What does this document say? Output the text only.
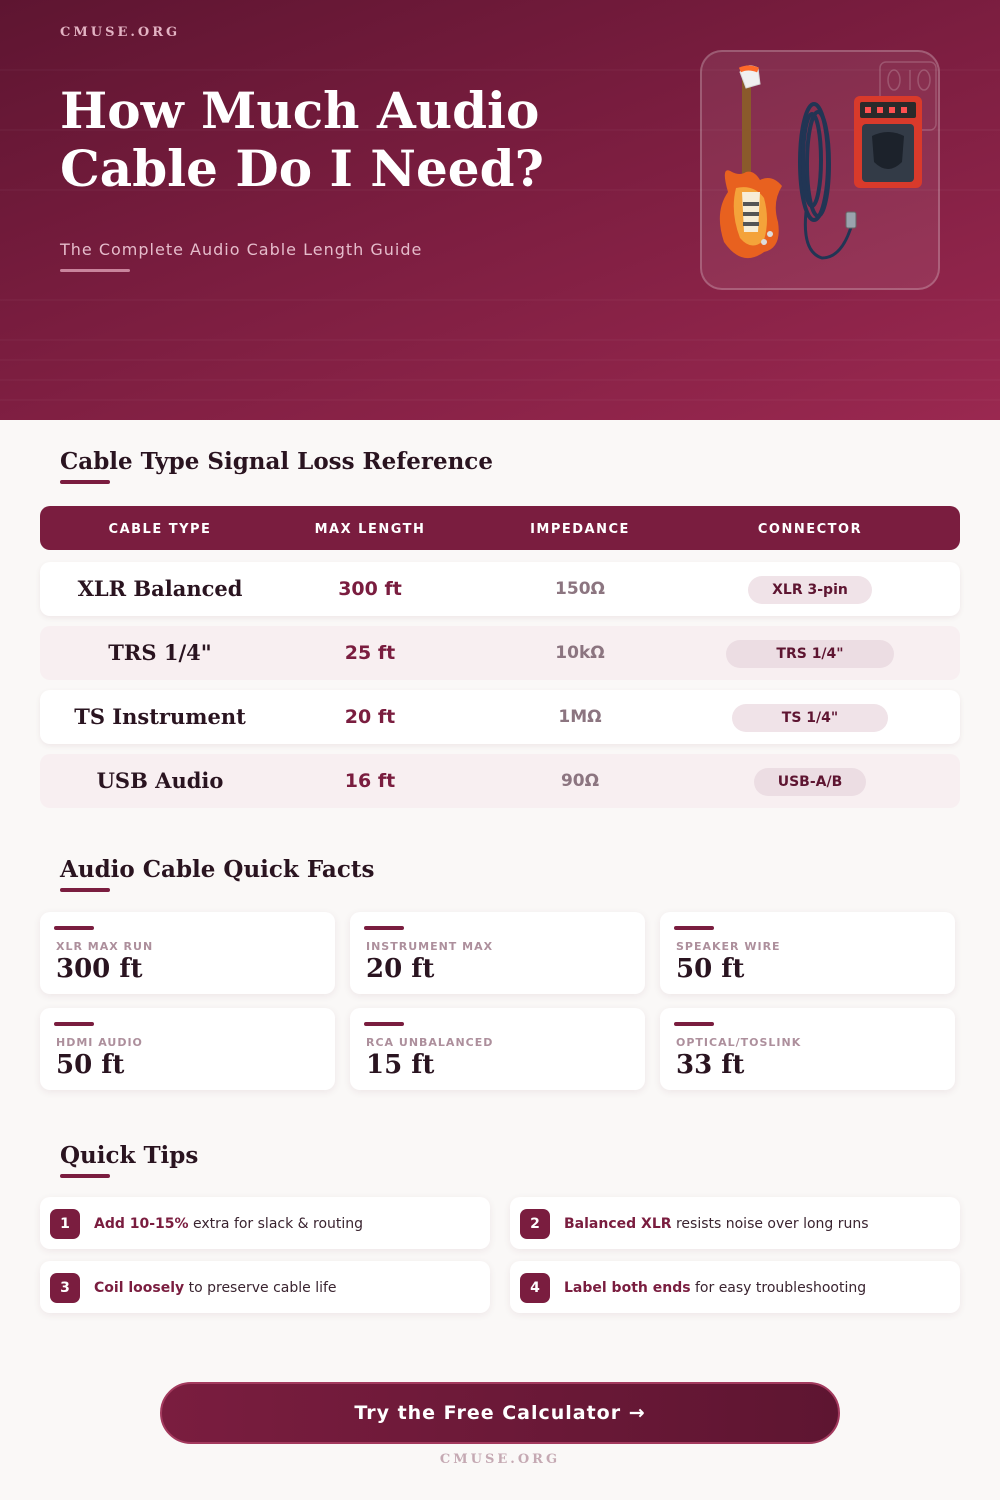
CMUSE.ORG
How Much Audio Cable Do I Need?
The Complete Audio Cable Length Guide
Cable Type Signal Loss Reference
CABLE TYPE	MAX LENGTH	IMPEDANCE	CONNECTOR
XLR Balanced	300 ft	150Ω	XLR 3-pin
TRS 1/4"	25 ft	10kΩ	TRS 1/4"
TS Instrument	20 ft	1MΩ	TS 1/4"
USB Audio	16 ft	90Ω	USB-A/B
Audio Cable Quick Facts
XLR MAX RUN
300 ft
INSTRUMENT MAX
20 ft
SPEAKER WIRE
50 ft
HDMI AUDIO
50 ft
RCA UNBALANCED
15 ft
OPTICAL/TOSLINK
33 ft
Quick Tips
1	Add 10-15% extra for slack & routing	2	Balanced XLR resists noise over long runs
3	Coil loosely to preserve cable life	4	Label both ends for easy troubleshooting
Try the Free Calculator →
CMUSE.ORG
